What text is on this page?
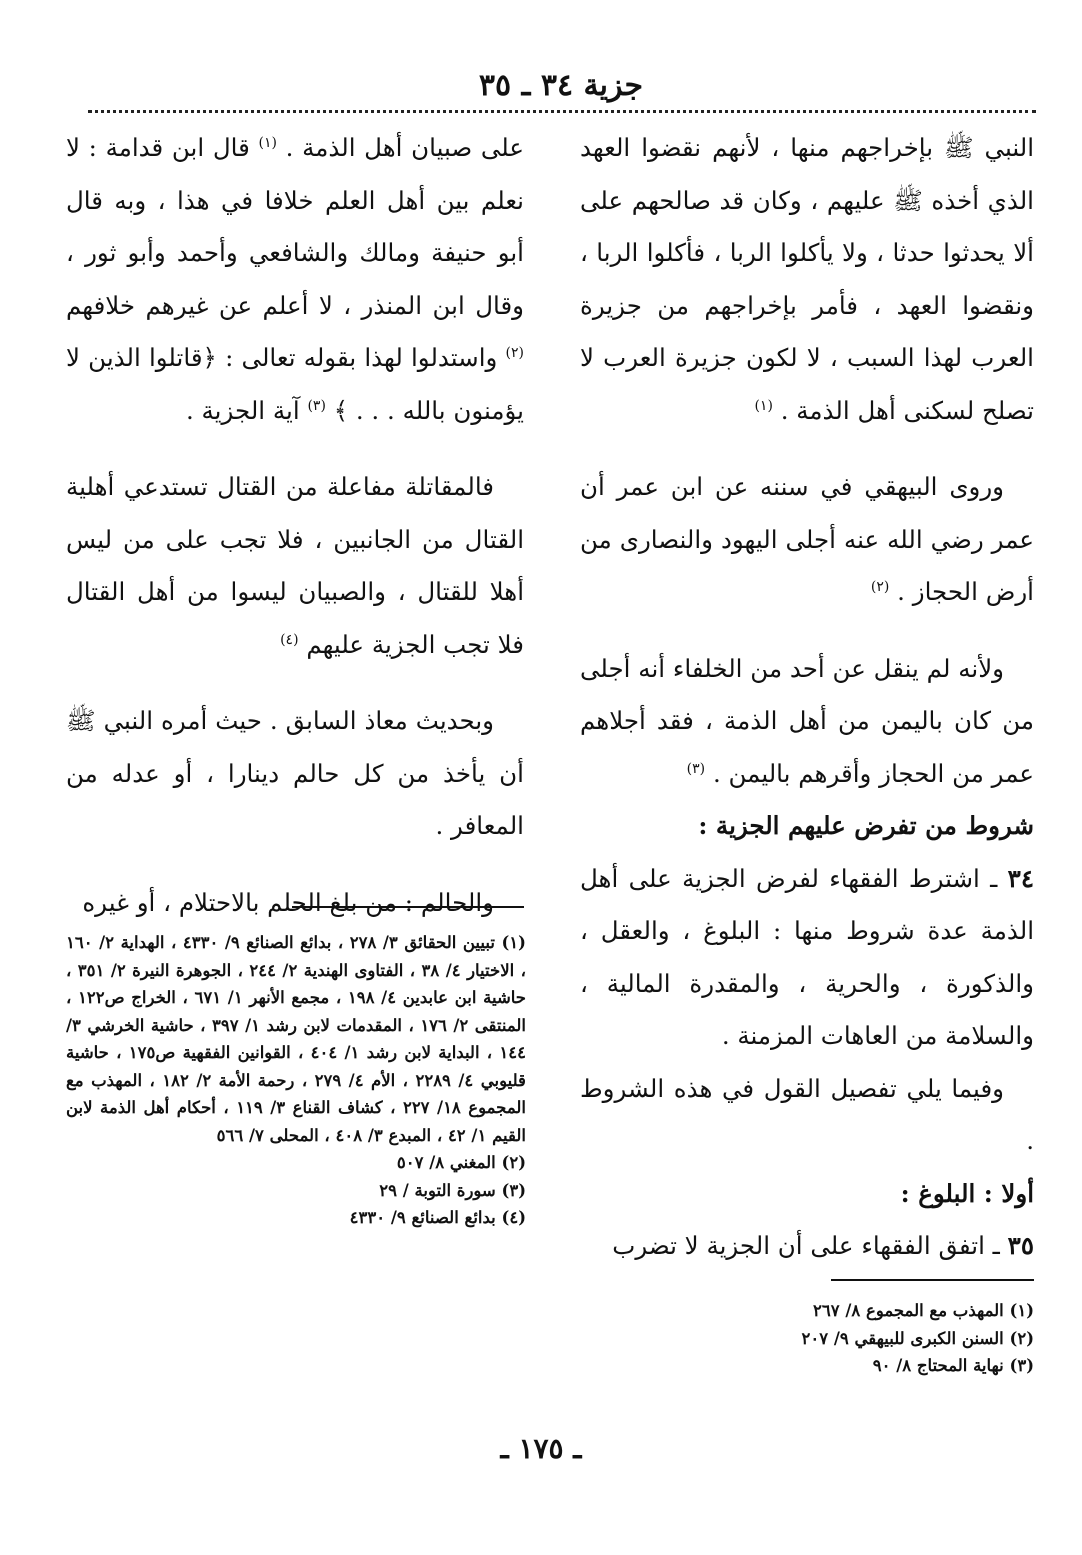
جزية ٣٤ ـ ٣٥

النبي ﷺ بإخراجهم منها ، لأنهم نقضوا العهد الذي أخذه ﷺ عليهم ، وكان قد صالحهم على ألا يحدثوا حدثا ، ولا يأكلوا الربا ، فأكلوا الربا ، ونقضوا العهد ، فأمر بإخراجهم من جزيرة العرب لهذا السبب ، لا لكون جزيرة العرب لا تصلح لسكنى أهل الذمة . $^{(١)}$

وروى البيهقي في سننه عن ابن عمر أن عمر رضي الله عنه أجلى اليهود والنصارى من أرض الحجاز . $^{(٢)}$

ولأنه لم ينقل عن أحد من الخلفاء أنه أجلى من كان باليمن من أهل الذمة ، فقد أجلاهم عمر من الحجاز وأقرهم باليمن . $^{(٣)}$

شروط من تفرض عليهم الجزية :

٣٤ ـ اشترط الفقهاء لفرض الجزية على أهل الذمة عدة شروط منها : البلوغ ، والعقل ، والذكورة ، والحرية ، والمقدرة المالية ، والسلامة من العاهات المزمنة .

وفيما يلي تفصيل القول في هذه الشروط .

أولا : البلوغ :

٣٥ ـ اتفق الفقهاء على أن الجزية لا تضرب

على صبيان أهل الذمة . $^{(١)}$ قال ابن قدامة : لا نعلم بين أهل العلم خلافا في هذا ، وبه قال أبو حنيفة ومالك والشافعي وأحمد وأبو ثور ، وقال ابن المنذر ، لا أعلم عن غيرهم خلافهم $^{(٢)}$ واستدلوا لهذا بقوله تعالى : ﴿قاتلوا الذين لا يؤمنون بالله . . . ﴾ $^{(٣)}$ آية الجزية .

فالمقاتلة مفاعلة من القتال تستدعي أهلية القتال من الجانبين ، فلا تجب على من ليس أهلا للقتال ، والصبيان ليسوا من أهل القتال فلا تجب الجزية عليهم $^{(٤)}$

وبحديث معاذ السابق . حيث أمره النبي ﷺ أن يأخذ من كل حالم دينارا ، أو عدله من المعافر .

والحالم : من بلغ الحلم بالاحتلام ، أو غيره

(١) تبيين الحقائق ٣/ ٢٧٨ ، بدائع الصنائع ٩/ ٤٣٣٠ ، الهداية ٢/ ١٦٠ ، الاختيار ٤/ ٣٨ ، الفتاوى الهندية ٢/ ٢٤٤ ، الجوهرة النيرة ٢/ ٣٥١ ، حاشية ابن عابدين ٤/ ١٩٨ ، مجمع الأنهر ١/ ٦٧١ ، الخراج ص١٢٢ ، المنتقى ٢/ ١٧٦ ، المقدمات لابن رشد ١/ ٣٩٧ ، حاشية الخرشي ٣/ ١٤٤ ، البداية لابن رشد ١/ ٤٠٤ ، القوانين الفقهية ص١٧٥ ، حاشية قليوبي ٤/ ٢٢٨٩ ، الأم ٤/ ٢٧٩ ، رحمة الأمة ٢/ ١٨٢ ، المهذب مع المجموع ١٨/ ٢٢٧ ، كشاف القناع ٣/ ١١٩ ، أحكام أهل الذمة لابن القيم ١/ ٤٢ ، المبدع ٣/ ٤٠٨ ، المحلى ٧/ ٥٦٦

(٢) المغني ٨/ ٥٠٧

(٣) سورة التوبة / ٢٩

(٤) بدائع الصنائع ٩/ ٤٣٣٠

(١) المهذب مع المجموع ٨/ ٢٦٧

(٢) السنن الكبرى للبيهقي ٩/ ٢٠٧

(٣) نهاية المحتاج ٨/ ٩٠

ـ ١٧٥ ـ
